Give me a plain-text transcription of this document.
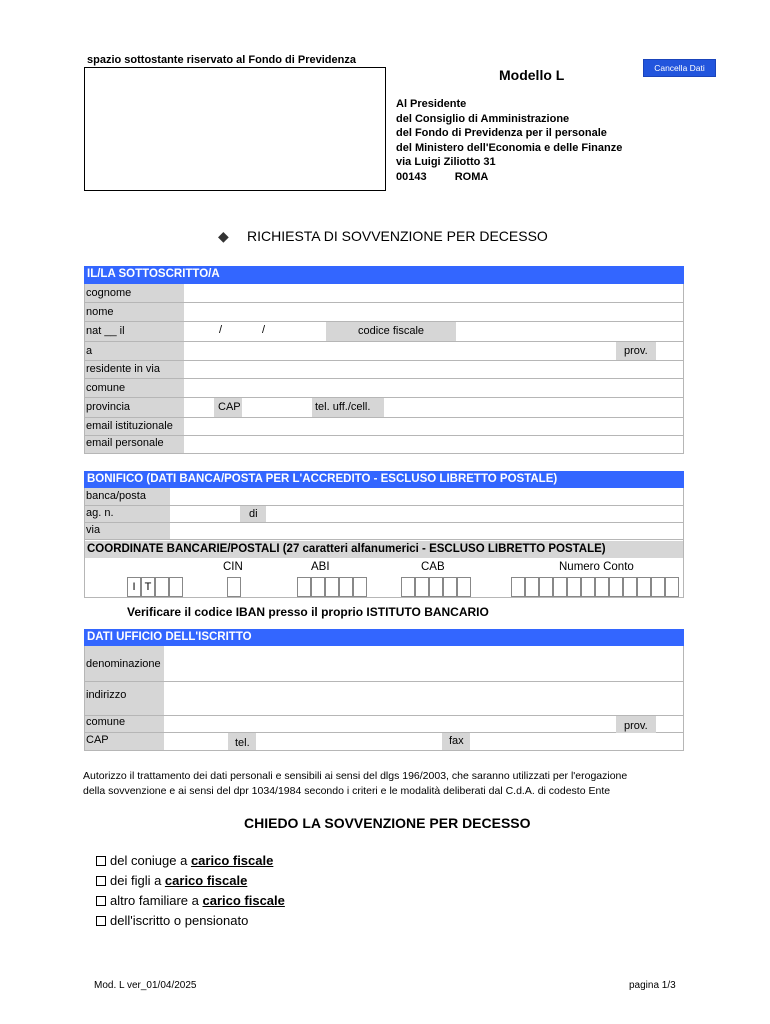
spazio sottostante riservato al Fondo di Previdenza
Modello L	Cancella Dati
Al Presidente
del Consiglio di Amministrazione
del Fondo di Previdenza per il personale
del Ministero dell'Economia e delle Finanze
via Luigi Ziliotto 31
00143	ROMA
◆ RICHIESTA DI SOVVENZIONE PER DECESSO
IL/LA SOTTOSCRITTO/A
cognome
nome
nat __ il	/	/	codice fiscale
a	prov.
residente in via
comune
provincia	CAP	tel. uff./cell.
email istituzionale
email personale
BONIFICO (DATI BANCA/POSTA PER L'ACCREDITO - ESCLUSO LIBRETTO POSTALE)
banca/posta
ag. n.	di
via
COORDINATE BANCARIE/POSTALI (27 caratteri alfanumerici - ESCLUSO LIBRETTO POSTALE)
CIN	ABI	CAB	Numero Conto
I T
Verificare il codice IBAN presso il proprio ISTITUTO BANCARIO
DATI UFFICIO DELL'ISCRITTO
denominazione
indirizzo
comune	prov.
CAP	tel.	fax
Autorizzo il trattamento dei dati personali e sensibili ai sensi del dlgs 196/2003, che saranno utilizzati per l'erogazione
della sovvenzione e ai sensi del dpr 1034/1984 secondo i criteri e le modalità deliberati dal C.d.A. di codesto Ente
CHIEDO LA SOVVENZIONE PER DECESSO
del coniuge a carico fiscale
dei figli a carico fiscale
altro familiare a carico fiscale
dell'iscritto o pensionato
Mod. L ver_01/04/2025	pagina 1/3
